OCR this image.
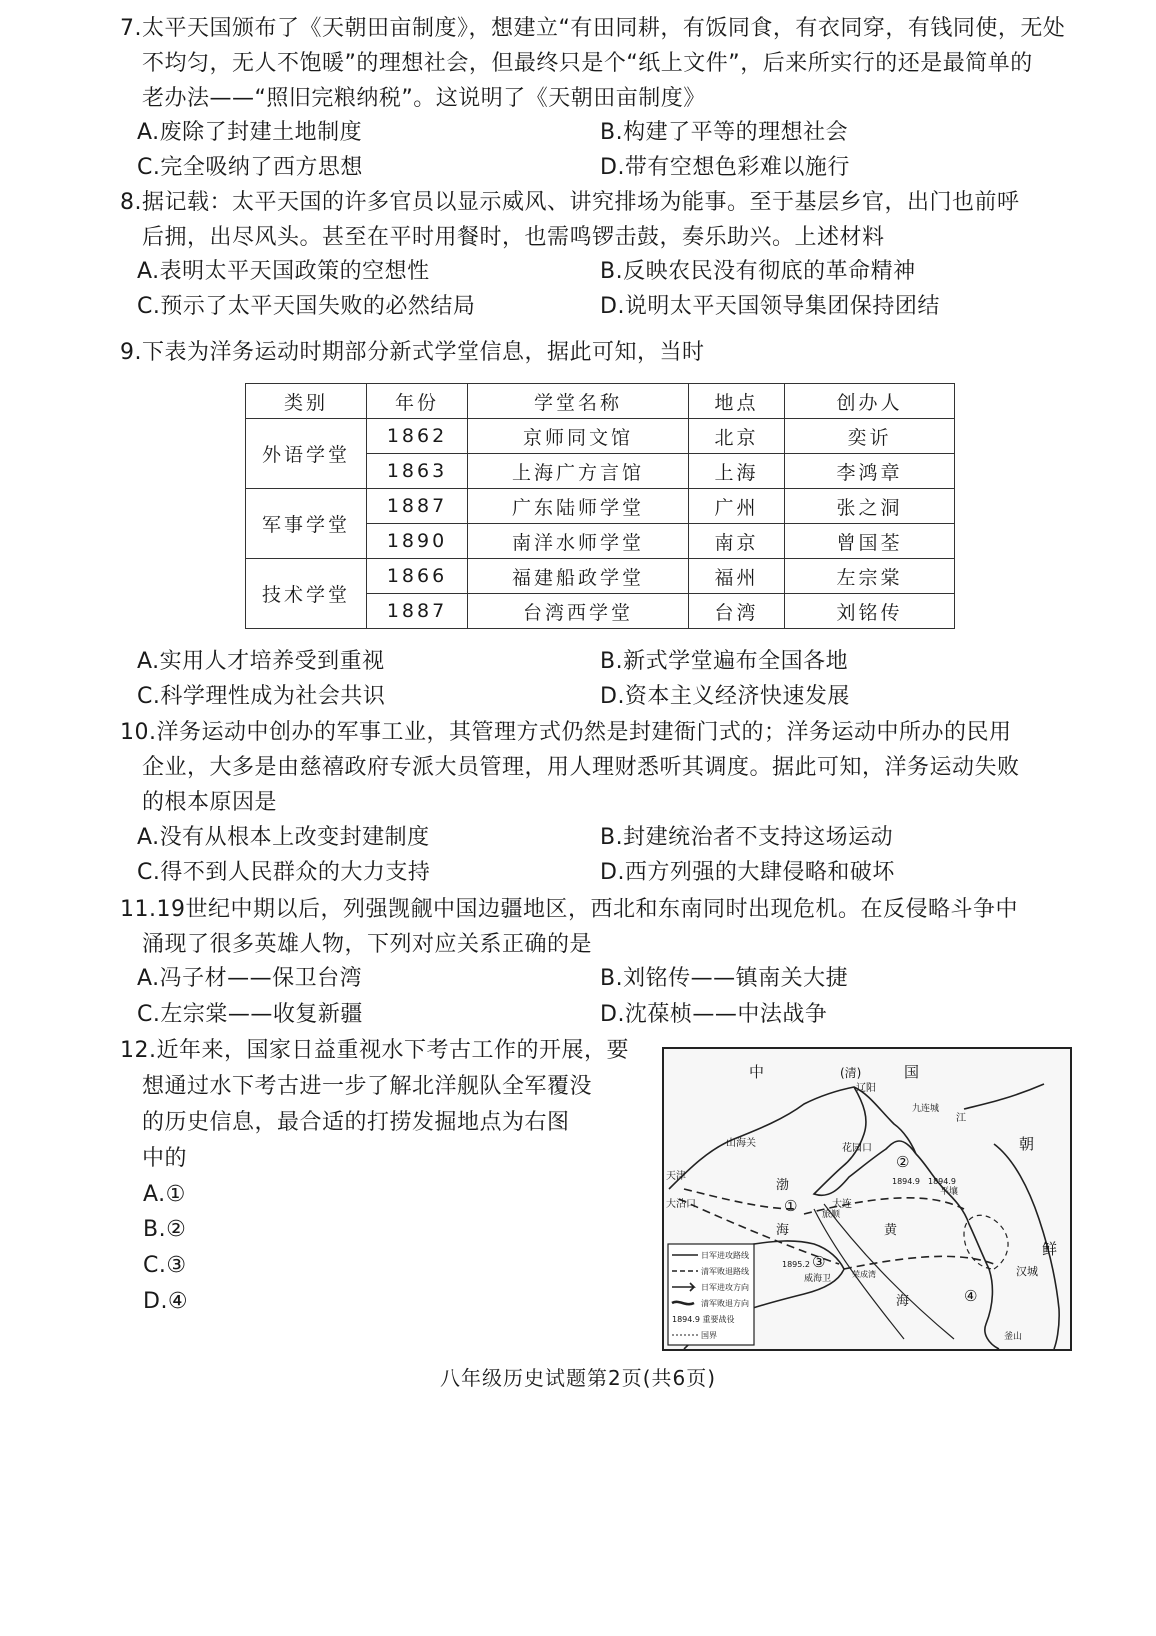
7.太平天国颁布了《天朝田亩制度》，想建立“有田同耕，有饭同食，有衣同穿，有钱同使，无处
不均匀，无人不饱暖”的理想社会，但最终只是个“纸上文件”，后来所实行的还是最简单的
老办法——“照旧完粮纳税”。这说明了《天朝田亩制度》
A.废除了封建土地制度	B.构建了平等的理想社会
C.完全吸纳了西方思想	D.带有空想色彩难以施行
8.据记载：太平天国的许多官员以显示威风、讲究排场为能事。至于基层乡官，出门也前呼
后拥，出尽风头。甚至在平时用餐时，也需鸣锣击鼓，奏乐助兴。上述材料
A.表明太平天国政策的空想性	B.反映农民没有彻底的革命精神
C.预示了太平天国失败的必然结局	D.说明太平天国领导集团保持团结
9.下表为洋务运动时期部分新式学堂信息，据此可知，当时
类别	年份	学堂名称	地点	创办人
外语学堂	1862	京师同文馆	北京	奕䜣
	1863	上海广方言馆	上海	李鸿章
军事学堂	1887	广东陆师学堂	广州	张之洞
	1890	南洋水师学堂	南京	曾国荃
技术学堂	1866	福建船政学堂	福州	左宗棠
	1887	台湾西学堂	台湾	刘铭传
A.实用人才培养受到重视	B.新式学堂遍布全国各地
C.科学理性成为社会共识	D.资本主义经济快速发展
10.洋务运动中创办的军事工业，其管理方式仍然是封建衙门式的；洋务运动中所办的民用
企业，大多是由慈禧政府专派大员管理，用人理财悉听其调度。据此可知，洋务运动失败
的根本原因是
A.没有从根本上改变封建制度	B.封建统治者不支持这场运动
C.得不到人民群众的大力支持	D.西方列强的大肆侵略和破坏
11.19世纪中期以后，列强觊觎中国边疆地区，西北和东南同时出现危机。在反侵略斗争中
涌现了很多英雄人物，下列对应关系正确的是
A.冯子材——保卫台湾	B.刘铭传——镇南关大捷
C.左宗棠——收复新疆	D.沈葆桢——中法战争
12.近年来，国家日益重视水下考古工作的开展，要
想通过水下考古进一步了解北洋舰队全军覆没
的历史信息，最合适的打捞发掘地点为右图
中的
A.①
B.②
C.③
D.④
日军进攻路线
清军败退路线
日军进攻方向
清军败退方向
1894.9 重要战役
国界
中	(清)	国
辽阳
九连城
江
朝
山海关	花园口
天津
大沽口
渤
海
旅顺
大连
黄
海
鲜
汉城
平壤
1894.9 1894.9
1895.2
威海卫	荣成湾
釜山
①
②
③
④
八年级历史试题第2页(共6页)
